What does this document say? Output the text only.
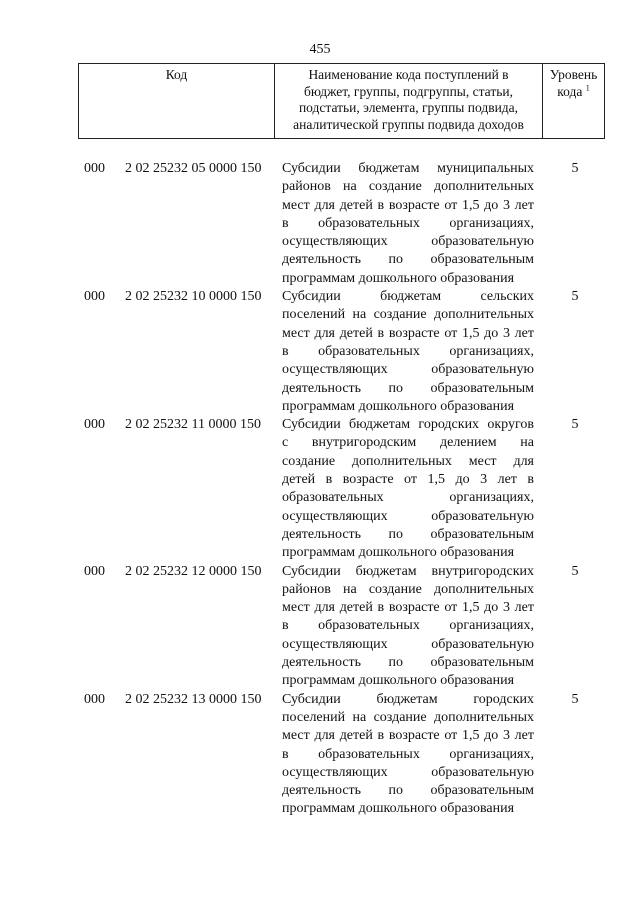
455
Код	Наименование кода поступлений в
бюджет, группы, подгруппы, статьи,
подстатьи, элемента, группы подвида,
аналитической группы подвида доходов
Уровень
кода $^1$
000 2 02 25232 05 0000 150 Субсидии бюджетам муниципальных
районов на создание дополнительных
мест для детей в возрасте от 1,5 до 3 лет
в образовательных организациях,
осуществляющих образовательную
деятельность по образовательным
программам дошкольного образования
5
000 2 02 25232 10 0000 150 Субсидии бюджетам сельских
поселений на создание дополнительных
мест для детей в возрасте от 1,5 до 3 лет
в образовательных организациях,
осуществляющих образовательную
деятельность по образовательным
программам дошкольного образования
5
000 2 02 25232 11 0000 150 Субсидии бюджетам городских округов
с внутригородским делением на
создание дополнительных мест для
детей в возрасте от 1,5 до 3 лет в
образовательных организациях,
осуществляющих образовательную
деятельность по образовательным
программам дошкольного образования
5
000 2 02 25232 12 0000 150 Субсидии бюджетам внутригородских
районов на создание дополнительных
мест для детей в возрасте от 1,5 до 3 лет
в образовательных организациях,
осуществляющих образовательную
деятельность по образовательным
программам дошкольного образования
5
000 2 02 25232 13 0000 150 Субсидии бюджетам городских
поселений на создание дополнительных
мест для детей в возрасте от 1,5 до 3 лет
в образовательных организациях,
осуществляющих образовательную
деятельность по образовательным
программам дошкольного образования
5
